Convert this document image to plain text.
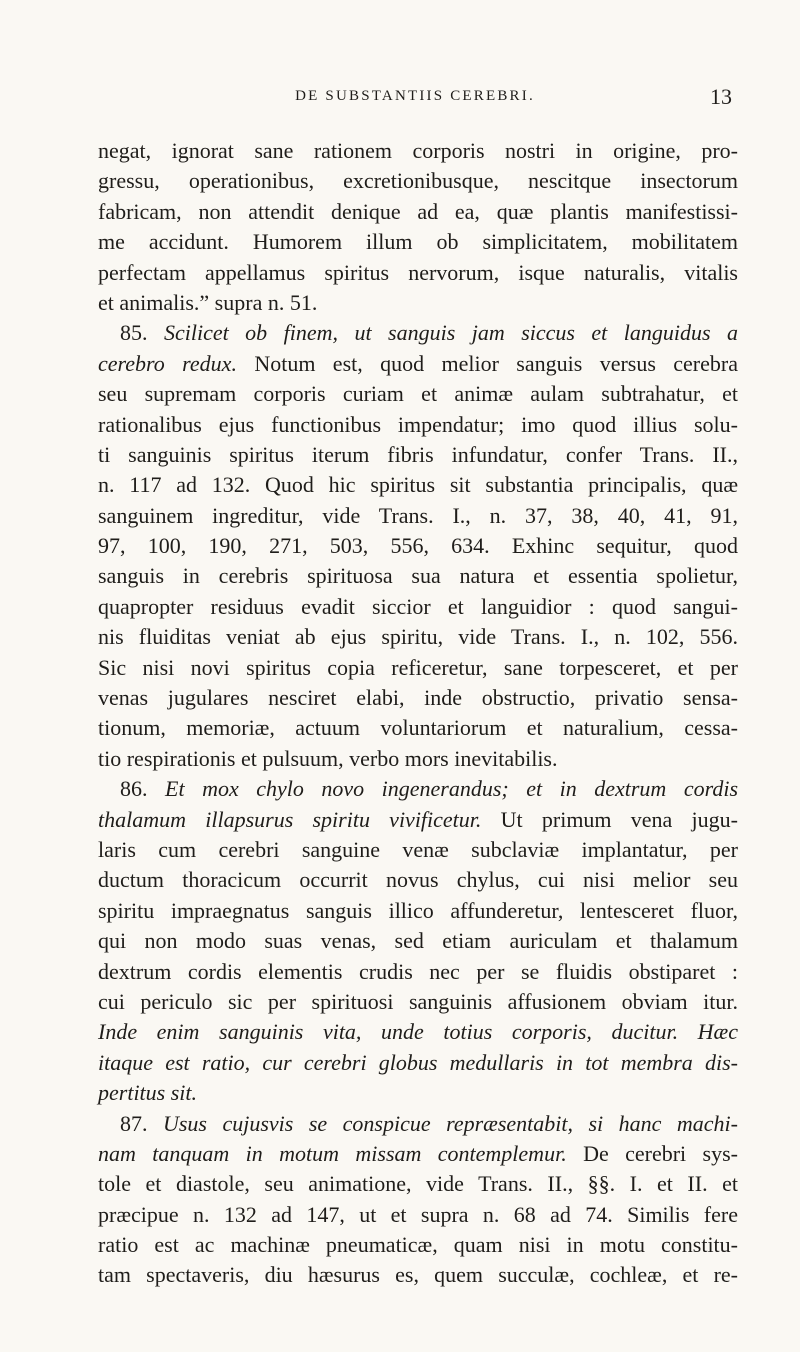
DE SUBSTANTIIS CEREBRI.	13
negat, ignorat sane rationem corporis nostri in origine, pro-
gressu, operationibus, excretionibusque, nescitque insectorum
fabricam, non attendit denique ad ea, quæ plantis manifestissi-
me accidunt. Humorem illum ob simplicitatem, mobilitatem
perfectam appellamus spiritus nervorum, isque naturalis, vitalis
et animalis.” supra n. 51.
85. Scilicet ob finem, ut sanguis jam siccus et languidus a
cerebro redux. Notum est, quod melior sanguis versus cerebra
seu supremam corporis curiam et animæ aulam subtrahatur, et
rationalibus ejus functionibus impendatur; imo quod illius solu-
ti sanguinis spiritus iterum fibris infundatur, confer Trans. II.,
n. 117 ad 132. Quod hic spiritus sit substantia principalis, quæ
sanguinem ingreditur, vide Trans. I., n. 37, 38, 40, 41, 91,
97, 100, 190, 271, 503, 556, 634. Exhinc sequitur, quod
sanguis in cerebris spirituosa sua natura et essentia spolietur,
quapropter residuus evadit siccior et languidior : quod sangui-
nis fluiditas veniat ab ejus spiritu, vide Trans. I., n. 102, 556.
Sic nisi novi spiritus copia reficeretur, sane torpesceret, et per
venas jugulares nesciret elabi, inde obstructio, privatio sensa-
tionum, memoriæ, actuum voluntariorum et naturalium, cessa-
tio respirationis et pulsuum, verbo mors inevitabilis.
86. Et mox chylo novo ingenerandus; et in dextrum cordis
thalamum illapsurus spiritu vivificetur. Ut primum vena jugu-
laris cum cerebri sanguine venæ subclaviæ implantatur, per
ductum thoracicum occurrit novus chylus, cui nisi melior seu
spiritu impraegnatus sanguis illico affunderetur, lentesceret fluor,
qui non modo suas venas, sed etiam auriculam et thalamum
dextrum cordis elementis crudis nec per se fluidis obstiparet :
cui periculo sic per spirituosi sanguinis affusionem obviam itur.
Inde enim sanguinis vita, unde totius corporis, ducitur. Hæc
itaque est ratio, cur cerebri globus medullaris in tot membra dis-
pertitus sit.
87. Usus cujusvis se conspicue repræsentabit, si hanc machi-
nam tanquam in motum missam contemplemur. De cerebri sys-
tole et diastole, seu animatione, vide Trans. II., §§. I. et II. et
præcipue n. 132 ad 147, ut et supra n. 68 ad 74. Similis fere
ratio est ac machinæ pneumaticæ, quam nisi in motu constitu-
tam spectaveris, diu hæsurus es, quem succulæ, cochleæ, et re-
